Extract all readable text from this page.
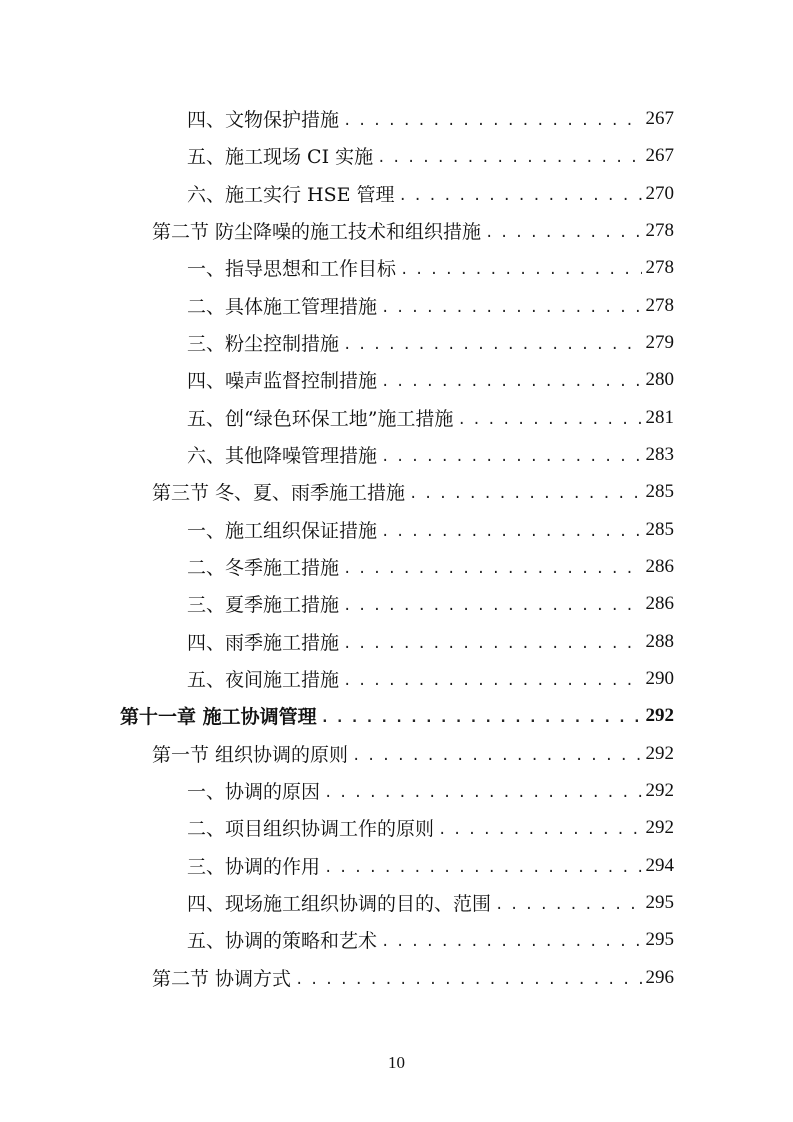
四、文物保护措施 . . .	267
五、施工现场 CI 实施 . . .	267
六、施工实行 HSE 管理 . . .	270
第二节 防尘降噪的施工技术和组织措施 . . .	278
一、指导思想和工作目标 . . .	278
二、具体施工管理措施 . . .	278
三、粉尘控制措施 . . .	279
四、噪声监督控制措施 . . .	280
五、创“绿色环保工地”施工措施 . . .	281
六、其他降噪管理措施 . . .	283
第三节 冬、夏、雨季施工措施 . . .	285
一、施工组织保证措施 . . .	285
二、冬季施工措施 . . .	286
三、夏季施工措施 . . .	286
四、雨季施工措施 . . .	288
五、夜间施工措施 . . .	290
第十一章 施工协调管理 . . .	292
第一节 组织协调的原则 . . .	292
一、协调的原因 . . .	292
二、项目组织协调工作的原则 . . .	292
三、协调的作用 . . .	294
四、现场施工组织协调的目的、范围 . . .	295
五、协调的策略和艺术 . . .	295
第二节 协调方式 . . .	296
10
